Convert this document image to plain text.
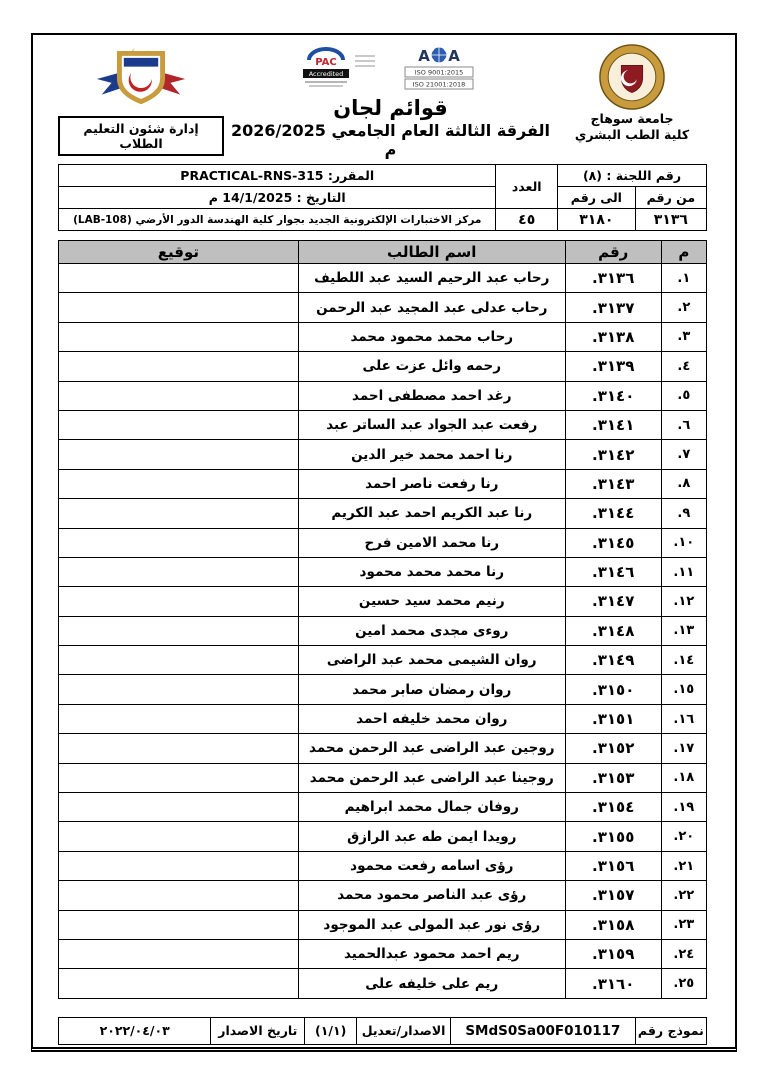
جامعة سوهاج
كلية الطب البشري
PAC
Accredited
A A
ISO 9001:2015
ISO 21001:2018
قوائم لجان
الفرقة الثالثة العام الجامعي 2026/2025 م
إدارة شئون التعليم الطلاب
رقم اللجنة : (٨)		العدد	المقرر: PRACTICAL-RNS-315
من رقم	الى رقم		التاريخ : 14/1/2025 م
٣١٣٦	٣١٨٠	٤٥	مركز الاختبارات الإلكترونية الجديد بجوار كلية الهندسة الدور الأرضي (LAB-108)
م	رقم	اسم الطالب	توقيع
١.	٣١٣٦.	رحاب عبد الرحيم السيد عبد اللطيف	
٢.	٣١٣٧.	رحاب عدلى عبد المجيد عبد الرحمن	
٣.	٣١٣٨.	رحاب محمد محمود محمد	
٤.	٣١٣٩.	رحمه وائل عزت على	
٥.	٣١٤٠.	رغد احمد مصطفى احمد	
٦.	٣١٤١.	رفعت عبد الجواد عبد الساتر عبد	
٧.	٣١٤٢.	رنا احمد محمد خير الدين	
٨.	٣١٤٣.	رنا رفعت ناصر احمد	
٩.	٣١٤٤.	رنا عبد الكريم احمد عبد الكريم	
١٠.	٣١٤٥.	رنا محمد الامين فرح	
١١.	٣١٤٦.	رنا محمد محمد محمود	
١٢.	٣١٤٧.	رنيم محمد سيد حسين	
١٣.	٣١٤٨.	روءى مجدى محمد امين	
١٤.	٣١٤٩.	روان الشيمى محمد عبد الراضى	
١٥.	٣١٥٠.	روان رمضان صابر محمد	
١٦.	٣١٥١.	روان محمد خليفه احمد	
١٧.	٣١٥٢.	روجين عبد الراضى عبد الرحمن محمد	
١٨.	٣١٥٣.	روجينا عبد الراضى عبد الرحمن محمد	
١٩.	٣١٥٤.	روفان جمال محمد ابراهيم	
٢٠.	٣١٥٥.	رويدا ايمن طه عبد الرازق	
٢١.	٣١٥٦.	رؤى اسامه رفعت محمود	
٢٢.	٣١٥٧.	رؤى عبد الناصر محمود محمد	
٢٣.	٣١٥٨.	رؤى نور عبد المولى عبد الموجود	
٢٤.	٣١٥٩.	ريم احمد محمود عبدالحميد	
٢٥.	٣١٦٠.	ريم على خليفه على	
نموذج رقم	SMdS0Sa00F010117	الاصدار/تعديل	(١/١)	تاريخ الاصدار	٢٠٢٢/٠٤/٠٣
